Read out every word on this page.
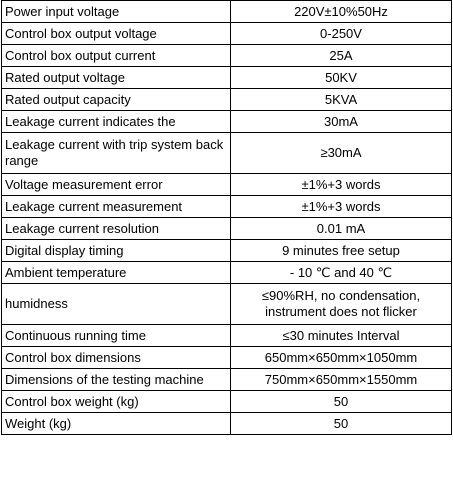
Power input voltage	220V±10%50Hz
Control box output voltage	0-250V
Control box output current	25A
Rated output voltage	50KV
Rated output capacity	5KVA
Leakage current indicates the	30mA
Leakage current with trip system back range	≥30mA
Voltage measurement error	±1%+3 words
Leakage current measurement	±1%+3 words
Leakage current resolution	0.01 mA
Digital display timing	9 minutes free setup
Ambient temperature	- 10 ℃ and 40 ℃
humidness	≤90%RH, no condensation, instrument does not flicker
Continuous running time	≤30 minutes Interval
Control box dimensions	650mm×650mm×1050mm
Dimensions of the testing machine	750mm×650mm×1550mm
Control box weight (kg)	50
Weight (kg)	50
